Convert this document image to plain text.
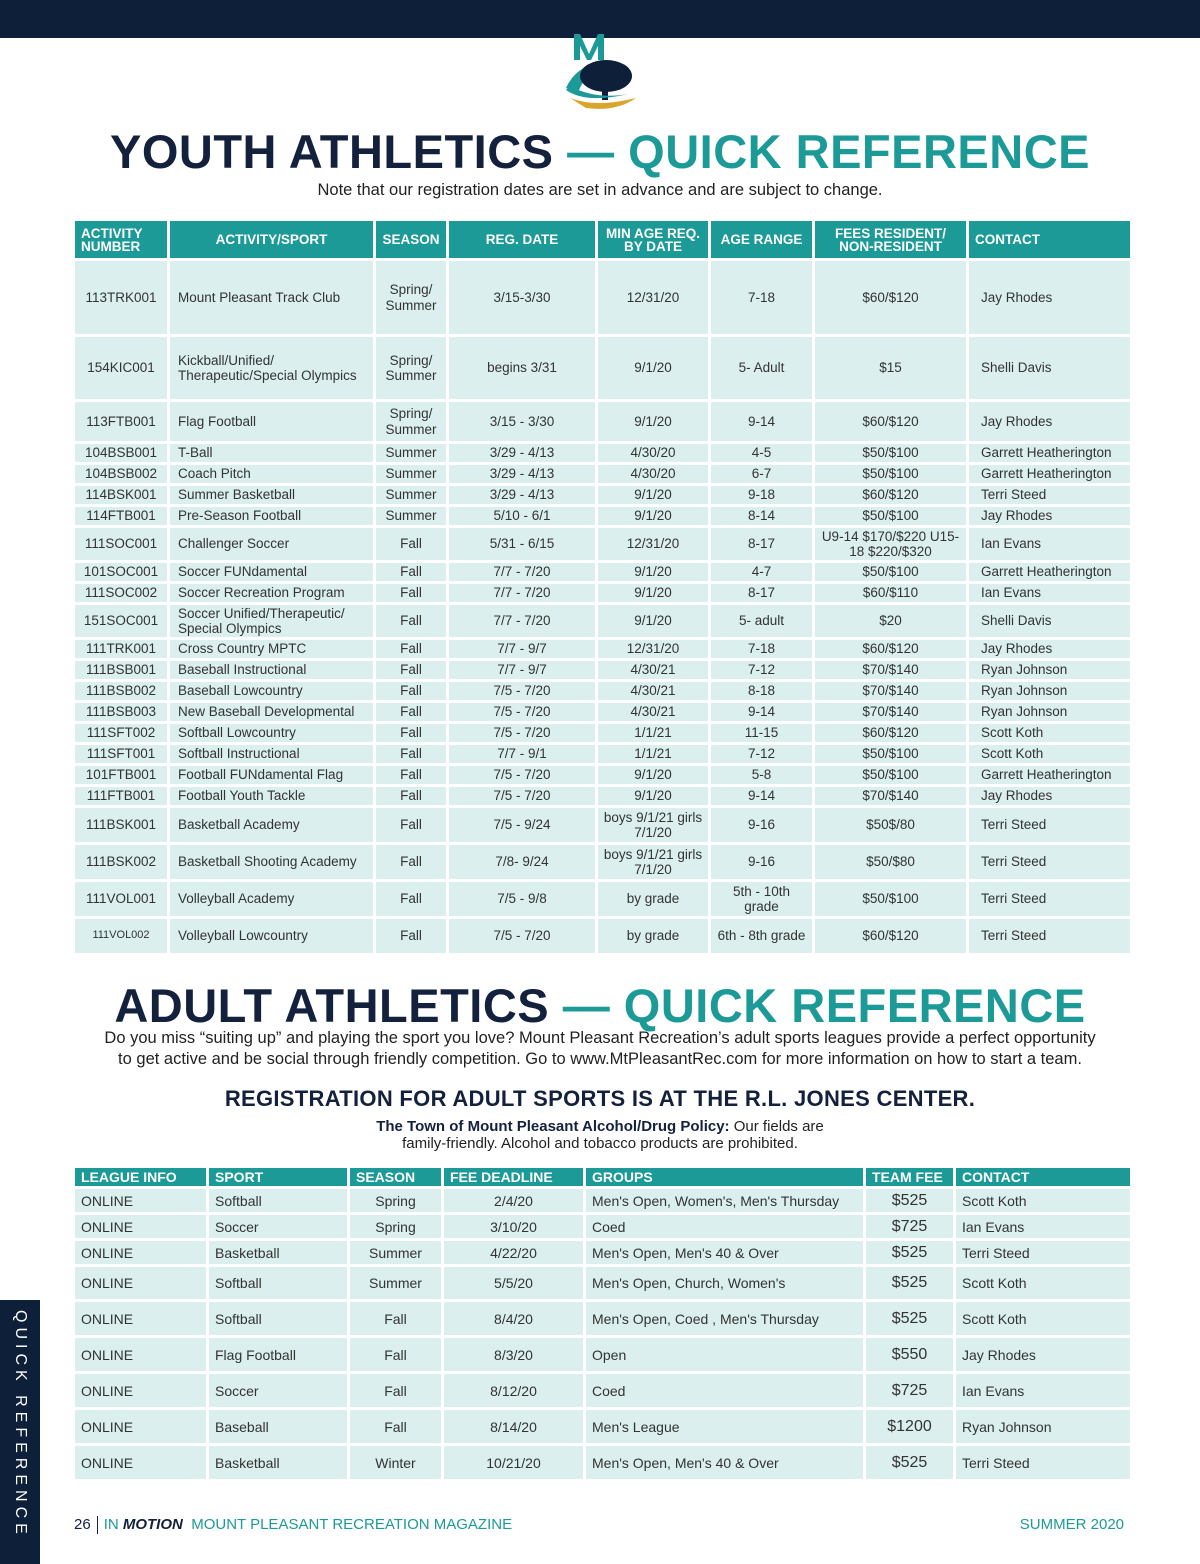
YOUTH ATHLETICS — QUICK REFERENCE
Note that our registration dates are set in advance and are subject to change.
ACTIVITY NUMBER	ACTIVITY/SPORT	SEASON	REG. DATE	MIN AGE REQ. BY DATE	AGE RANGE	FEES RESIDENT/ NON-RESIDENT	CONTACT
113TRK001	Mount Pleasant Track Club	Spring/ Summer	3/15-3/30	12/31/20	7-18	$60/$120	Jay Rhodes
154KIC001	Kickball/Unified/ Therapeutic/Special Olympics	Spring/ Summer	begins 3/31	9/1/20	5- Adult	$15	Shelli Davis
113FTB001	Flag Football	Spring/ Summer	3/15 - 3/30	9/1/20	9-14	$60/$120	Jay Rhodes
104BSB001	T-Ball	Summer	3/29 - 4/13	4/30/20	4-5	$50/$100	Garrett Heatherington
104BSB002	Coach Pitch	Summer	3/29 - 4/13	4/30/20	6-7	$50/$100	Garrett Heatherington
114BSK001	Summer Basketball	Summer	3/29 - 4/13	9/1/20	9-18	$60/$120	Terri Steed
114FTB001	Pre-Season Football	Summer	5/10 - 6/1	9/1/20	8-14	$50/$100	Jay Rhodes
111SOC001	Challenger Soccer	Fall	5/31 - 6/15	12/31/20	8-17	U9-14 $170/$220 U15-18 $220/$320	Ian Evans
101SOC001	Soccer FUNdamental	Fall	7/7 - 7/20	9/1/20	4-7	$50/$100	Garrett Heatherington
111SOC002	Soccer Recreation Program	Fall	7/7 - 7/20	9/1/20	8-17	$60/$110	Ian Evans
151SOC001	Soccer Unified/Therapeutic/ Special Olympics	Fall	7/7 - 7/20	9/1/20	5- adult	$20	Shelli Davis
111TRK001	Cross Country MPTC	Fall	7/7 - 9/7	12/31/20	7-18	$60/$120	Jay Rhodes
111BSB001	Baseball Instructional	Fall	7/7 - 9/7	4/30/21	7-12	$70/$140	Ryan Johnson
111BSB002	Baseball Lowcountry	Fall	7/5 - 7/20	4/30/21	8-18	$70/$140	Ryan Johnson
111BSB003	New Baseball Developmental	Fall	7/5 - 7/20	4/30/21	9-14	$70/$140	Ryan Johnson
111SFT002	Softball Lowcountry	Fall	7/5 - 7/20	1/1/21	11-15	$60/$120	Scott Koth
111SFT001	Softball Instructional	Fall	7/7 - 9/1	1/1/21	7-12	$50/$100	Scott Koth
101FTB001	Football FUNdamental Flag	Fall	7/5 - 7/20	9/1/20	5-8	$50/$100	Garrett Heatherington
111FTB001	Football Youth Tackle	Fall	7/5 - 7/20	9/1/20	9-14	$70/$140	Jay Rhodes
111BSK001	Basketball Academy	Fall	7/5 - 9/24	boys 9/1/21 girls 7/1/20	9-16	$50$/80	Terri Steed
111BSK002	Basketball Shooting Academy	Fall	7/8- 9/24	boys 9/1/21 girls 7/1/20	9-16	$50/$80	Terri Steed
111VOL001	Volleyball Academy	Fall	7/5 - 9/8	by grade	5th - 10th grade	$50/$100	Terri Steed
111VOL002	Volleyball Lowcountry	Fall	7/5 - 7/20	by grade	6th - 8th grade	$60/$120	Terri Steed
ADULT ATHLETICS — QUICK REFERENCE
Do you miss “suiting up” and playing the sport you love? Mount Pleasant Recreation’s adult sports leagues provide a perfect opportunity
to get active and be social through friendly competition. Go to www.MtPleasantRec.com for more information on how to start a team.
REGISTRATION FOR ADULT SPORTS IS AT THE R.L. JONES CENTER.
The Town of Mount Pleasant Alcohol/Drug Policy: Our fields are
family-friendly. Alcohol and tobacco products are prohibited.
LEAGUE INFO	SPORT	SEASON	FEE DEADLINE	GROUPS	TEAM FEE	CONTACT
ONLINE	Softball	Spring	2/4/20	Men's Open, Women's, Men's Thursday	$525	Scott Koth
ONLINE	Soccer	Spring	3/10/20	Coed	$725	Ian Evans
ONLINE	Basketball	Summer	4/22/20	Men's Open, Men's 40 & Over	$525	Terri Steed
ONLINE	Softball	Summer	5/5/20	Men's Open, Church, Women's	$525	Scott Koth
ONLINE	Softball	Fall	8/4/20	Men's Open, Coed , Men's Thursday	$525	Scott Koth
ONLINE	Flag Football	Fall	8/3/20	Open	$550	Jay Rhodes
ONLINE	Soccer	Fall	8/12/20	Coed	$725	Ian Evans
ONLINE	Baseball	Fall	8/14/20	Men's League	$1200	Ryan Johnson
ONLINE	Basketball	Winter	10/21/20	Men's Open, Men's 40 & Over	$525	Terri Steed
QUICK REFERENCE	26 IN MOTION MOUNT PLEASANT RECREATION MAGAZINE	SUMMER 2020
